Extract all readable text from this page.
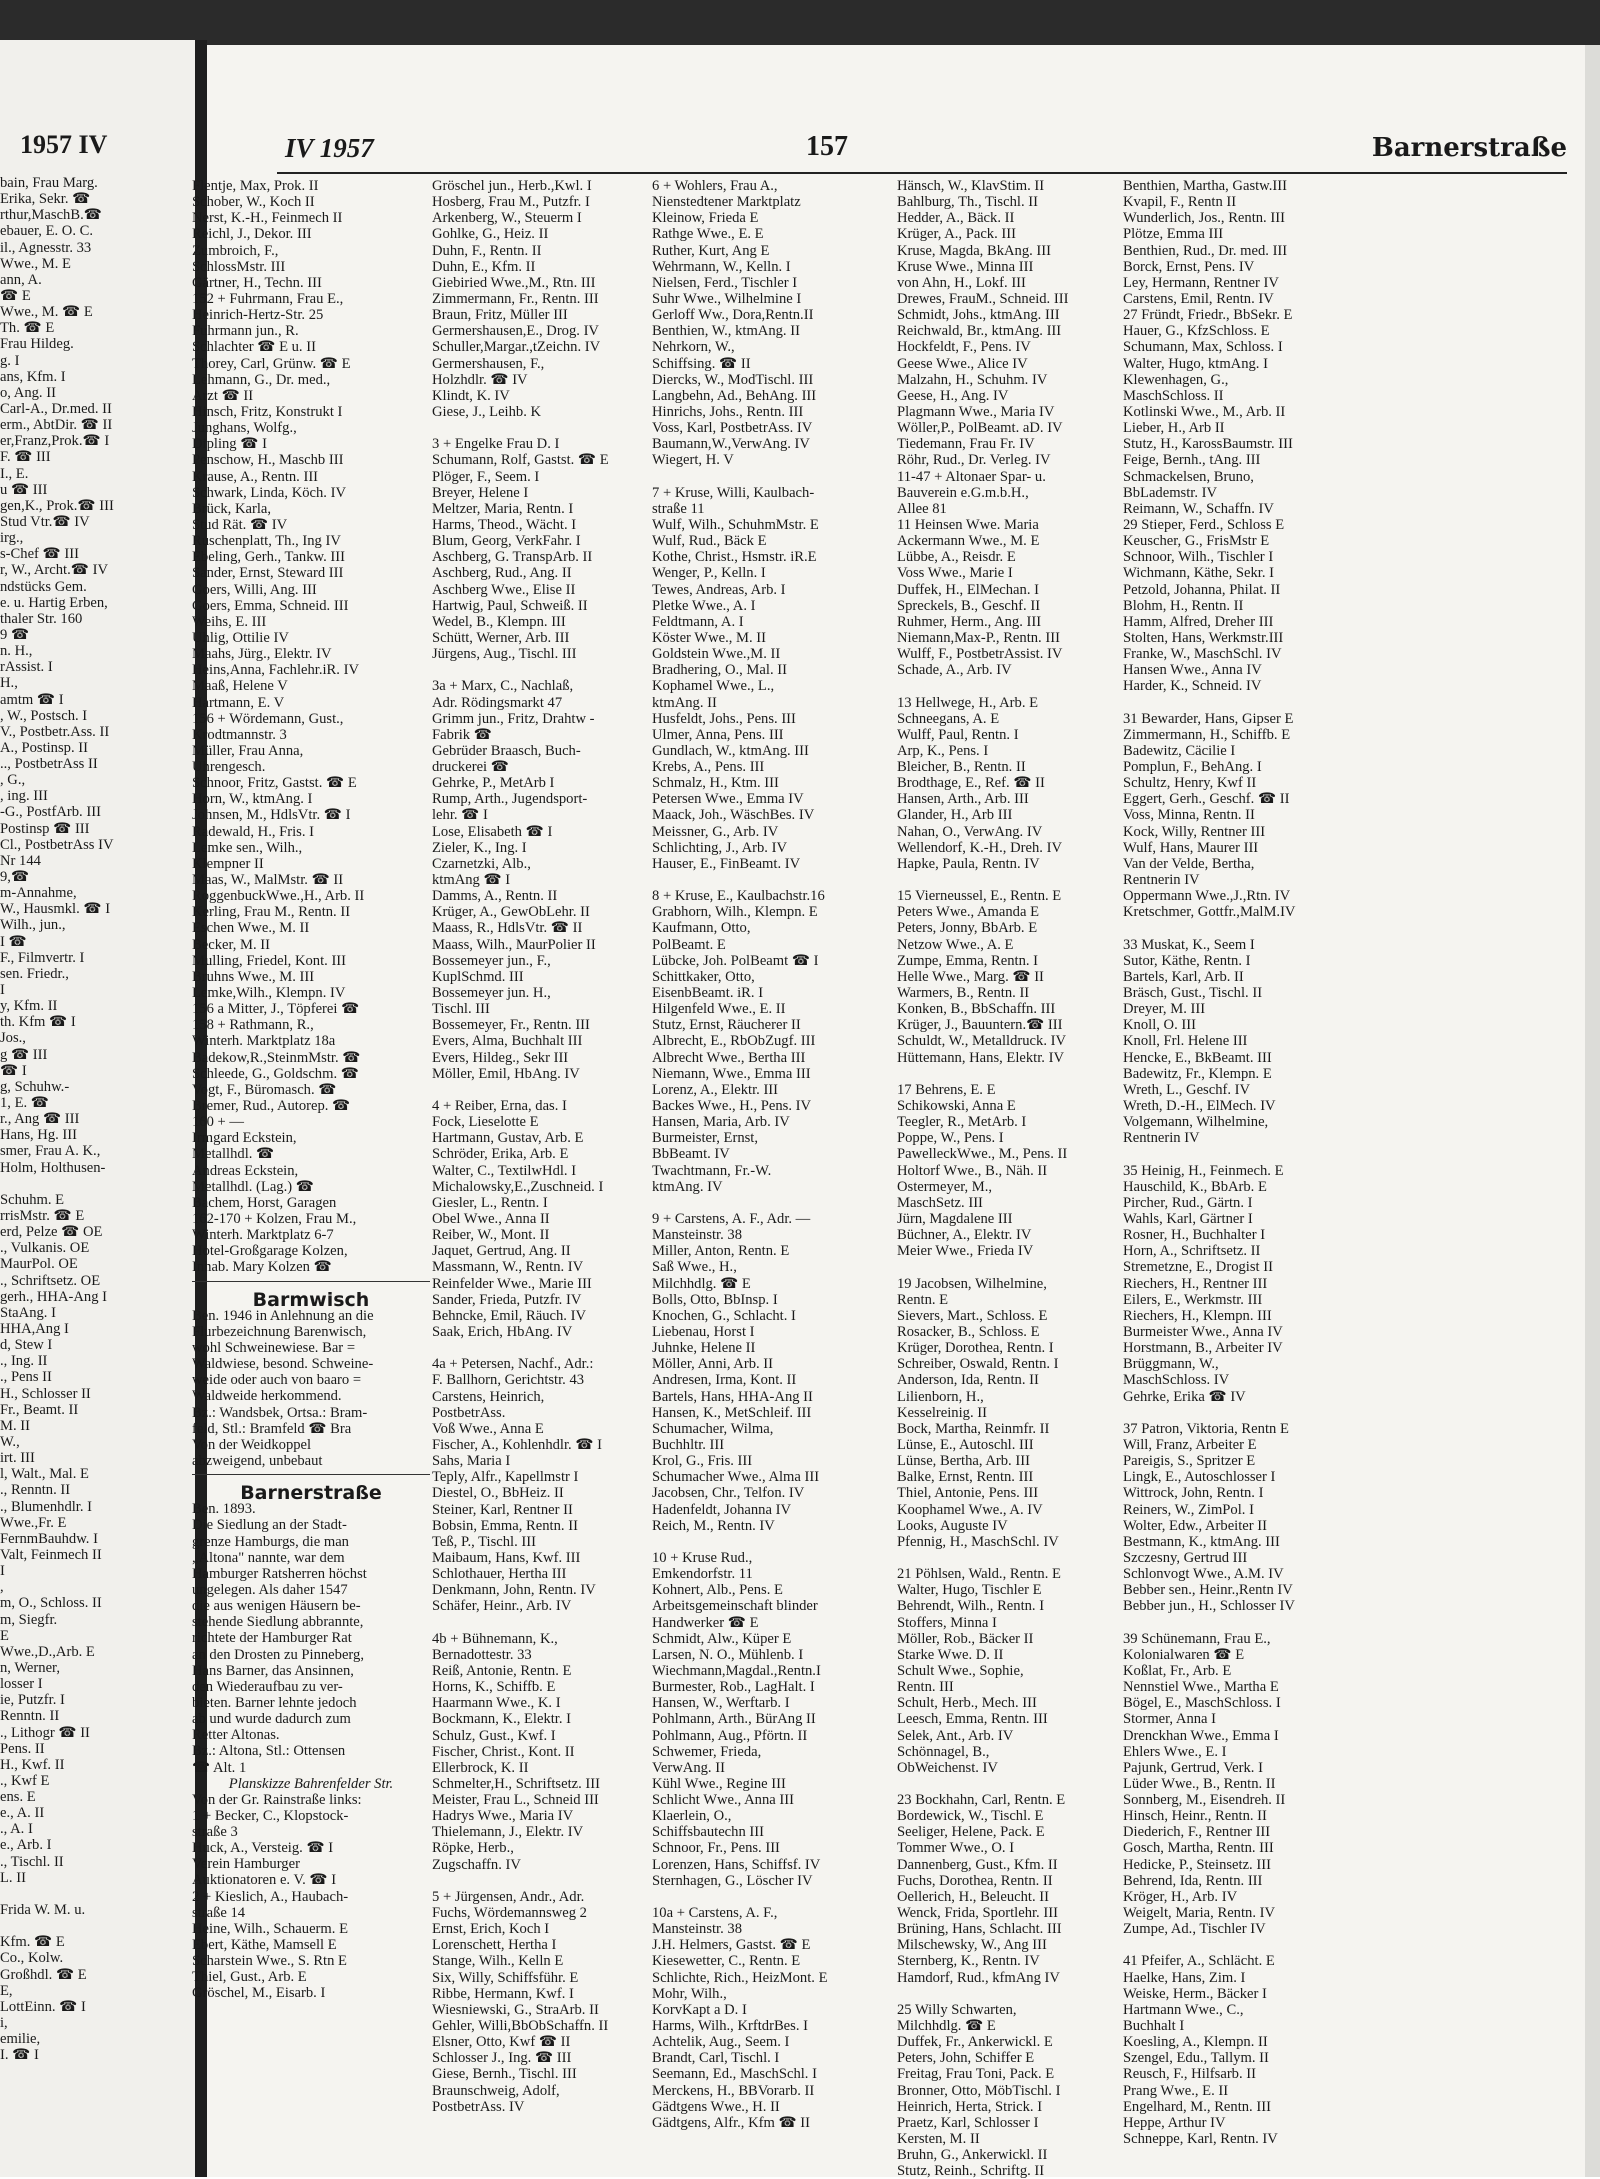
1957 IV
bain, Frau Marg.
Erika, Sekr. ☎
rthur,MaschB.☎
ebauer, E. O. C.
il., Agnesstr. 33
Wwe., M. E
ann, A.
☎ E
Wwe., M. ☎ E
Th. ☎ E
Frau Hildeg.
g. I
ans, Kfm. I
o, Ang. II
Carl-A., Dr.med. II
erm., AbtDir. ☎ II
er,Franz,Prok.☎ I
F. ☎ III
I., E.
u ☎ III
gen,K., Prok.☎ III
Stud Vtr.☎ IV
irg.,
s-Chef ☎ III
r, W., Archt.☎ IV
ndstücks Gem.
e. u. Hartig Erben,
thaler Str. 160
9 ☎
n. H.,
rAssist. I
H.,
amtm ☎ I
, W., Postsch. I
V., Postbetr.Ass. II
A., Postinsp. II
.., PostbetrAss II
, G.,
, ing. III
-G., PostfArb. III
Postinsp ☎ III
Cl., PostbetrAss IV
Nr 144
9,☎
m-Annahme,
W., Hausmkl. ☎ I
Wilh., jun.,
I ☎
F., Filmvertr. I
sen. Friedr.,
I
y, Kfm. II
th. Kfm ☎ I
Jos.,
g ☎ III
☎ I
g, Schuhw.-
1, E. ☎
r., Ang ☎ III
Hans, Hg. III
smer, Frau A. K.,
Holm, Holthusen-
Schuhm. E
rrisMstr. ☎ E
erd, Pelze ☎ OE
., Vulkanis. OE
MaurPol. OE
., Schriftsetz. OE
gerh., HHA-Ang I
StaAng. I
HHA,Ang I
d, Stew I
., Ing. II
., Pens II
H., Schlosser II
Fr., Beamt. II
M. II
W.,
irt. III
l, Walt., Mal. E
., Renntn. II
., Blumenhdlr. I
Wwe.,Fr. E
FernmBauhdw. I
Valt, Feinmech II
I
,
m, O., Schloss. II
m, Siegfr.
E
Wwe.,D.,Arb. E
n, Werner,
losser I
ie, Putzfr. I
Renntn. II
., Lithogr ☎ II
Pens. II
H., Kwf. II
., Kwf E
ens. E
e., A. II
., A. I
e., Arb. I
., Tischl. II
L. II
Frida W. M. u.
Kfm. ☎ E
Co., Kolw.
Großhdl. ☎ E
E,
LottEinn. ☎ I
i,
emilie,
I. ☎ I
IV 1957	157	Barnerstraße
Flentje, Max, Prok. II
Schober, W., Koch II
Nerst, K.-H., Feinmech II
Reichl, J., Dekor. III
Zumbroich, F.,
SchlossMstr. III
Gärtner, H., Techn. III
152 + Fuhrmann, Frau E.,
Heinrich-Hertz-Str. 25
Fuhrmann jun., R.
Schlachter ☎ E u. II
Thorey, Carl, Grünw. ☎ E
Lehmann, G., Dr. med.,
Arzt ☎ II
Hinsch, Fritz, Konstrukt I
Junghans, Wolfg.,
Dipling ☎ I
Penschow, H., Maschb III
Krause, A., Rentn. III
Schwark, Linda, Köch. IV
Brück, Karla,
Stud Rät. ☎ IV
Ruschenplatt, Th., Ing IV
Ebeling, Gerh., Tankw. III
Sander, Ernst, Steward III
Goers, Willi, Ang. III
Goers, Emma, Schneid. III
Weihs, E. III
Uhlig, Ottilie IV
Maahs, Jürg., Elektr. IV
Heins,Anna, Fachlehr.iR. IV
Maaß, Helene V
Hartmann, E. V
156 + Wördemann, Gust.,
Krodtmannstr. 3
Müller, Frau Anna,
Uhrengesch.
Schnoor, Fritz, Gastst. ☎ E
Horn, W., ktmAng. I
Johnsen, M., HdlsVtr. ☎ I
Radewald, H., Fris. I
Lemke sen., Wilh.,
Klempner II
Maas, W., MalMstr. ☎ II
RoggenbuckWwe.,H., Arb. II
Kerling, Frau M., Rentn. II
Eschen Wwe., M. II
Becker, M. II
Mulling, Friedel, Kont. III
Bruhns Wwe., M. III
Lemke,Wilh., Klempn. IV
156 a Mitter, J., Töpferei ☎
158 + Rathmann, R.,
Winterh. Marktplatz 18a
Badekow,R.,SteinmMstr. ☎
Schleede, G., Goldschm. ☎
Vogt, F., Büromasch. ☎
Bremer, Rud., Autorep. ☎
160 + —
Irmgard Eckstein,
Metallhdl. ☎
Andreas Eckstein,
Metallhdl. (Lag.) ☎
Bachem, Horst, Garagen
162-170 + Kolzen, Frau M.,
Winterh. Marktplatz 6-7
Hotel-Großgarage Kolzen,
Inhab. Mary Kolzen ☎
Barmwisch
Ben. 1946 in Anlehnung an die
Flurbezeichnung Barenwisch,
wohl Schweinewiese. Bar =
Waldwiese, besond. Schweine-
weide oder auch von baaro =
Waldweide herkommend.
Bz.: Wandsbek, Ortsa.: Bram-
feld, Stl.: Bramfeld ☎ Bra
Von der Weidkoppel
abzweigend, unbebaut
Barnerstraße
Ben. 1893.
Die Siedlung an der Stadt-
grenze Hamburgs, die man
„Altona" nannte, war dem
Hamburger Ratsherren höchst
ungelegen. Als daher 1547
die aus wenigen Häusern be-
stehende Siedlung abbrannte,
richtete der Hamburger Rat
an den Drosten zu Pinneberg,
Hans Barner, das Ansinnen,
den Wiederaufbau zu ver-
bieten. Barner lehnte jedoch
ab und wurde dadurch zum
Retter Altonas.
Bz.: Altona, Stl.: Ottensen
☎ Alt. 1
Planskizze Bahrenfelder Str.
Von der Gr. Rainstraße links:
1 + Becker, C., Klopstock-
straße 3
Huck, A., Versteig. ☎ I
Verein Hamburger
Auktionatoren e. V. ☎ I
2 + Kieslich, A., Haubach-
straße 14
Heine, Wilh., Schauerm. E
Ebert, Käthe, Mamsell E
Scharstein Wwe., S. Rtn E
Thiel, Gust., Arb. E
Gröschel, M., Eisarb. I
Gröschel jun., Herb.,Kwl. I
Hosberg, Frau M., Putzfr. I
Arkenberg, W., Steuerm I
Gohlke, G., Heiz. II
Duhn, F., Rentn. II
Duhn, E., Kfm. II
Giebiried Wwe.,M., Rtn. III
Zimmermann, Fr., Rentn. III
Braun, Fritz, Müller III
Germershausen,E., Drog. IV
Schuller,Margar.,tZeichn. IV
Germershausen, F.,
Holzhdlr. ☎ IV
Klindt, K. IV
Giese, J., Leihb. K
3 + Engelke Frau D. I
Schumann, Rolf, Gastst. ☎ E
Plöger, F., Seem. I
Breyer, Helene I
Meltzer, Maria, Rentn. I
Harms, Theod., Wächt. I
Blum, Georg, VerkFahr. I
Aschberg, G. TranspArb. II
Aschberg, Rud., Ang. II
Aschberg Wwe., Elise II
Hartwig, Paul, Schweiß. II
Wedel, B., Klempn. III
Schütt, Werner, Arb. III
Jürgens, Aug., Tischl. III
3a + Marx, C., Nachlaß,
Adr. Rödingsmarkt 47
Grimm jun., Fritz, Drahtw -
Fabrik ☎
Gebrüder Braasch, Buch-
druckerei ☎
Gehrke, P., MetArb I
Rump, Arth., Jugendsport-
lehr. ☎ I
Lose, Elisabeth ☎ I
Zieler, K., Ing. I
Czarnetzki, Alb.,
ktmAng ☎ I
Damms, A., Rentn. II
Krüger, A., GewObLehr. II
Maass, R., HdlsVtr. ☎ II
Maass, Wilh., MaurPolier II
Bossemeyer jun., F.,
KuplSchmd. III
Bossemeyer jun. H.,
Tischl. III
Bossemeyer, Fr., Rentn. III
Evers, Alma, Buchhalt III
Evers, Hildeg., Sekr III
Möller, Emil, HbAng. IV
4 + Reiber, Erna, das. I
Fock, Lieselotte E
Hartmann, Gustav, Arb. E
Schröder, Erika, Arb. E
Walter, C., TextilwHdl. I
Michalowsky,E.,Zuschneid. I
Giesler, L., Rentn. I
Obel Wwe., Anna II
Reiber, W., Mont. II
Jaquet, Gertrud, Ang. II
Massmann, W., Rentn. IV
Reinfelder Wwe., Marie III
Sander, Frieda, Putzfr. IV
Behncke, Emil, Räuch. IV
Saak, Erich, HbAng. IV
4a + Petersen, Nachf., Adr.:
F. Ballhorn, Gerichtstr. 43
Carstens, Heinrich,
PostbetrAss.
Voß Wwe., Anna E
Fischer, A., Kohlenhdlr. ☎ I
Sahs, Maria I
Teply, Alfr., Kapellmstr I
Diestel, O., BbHeiz. II
Steiner, Karl, Rentner II
Bobsin, Emma, Rentn. II
Teß, P., Tischl. III
Maibaum, Hans, Kwf. III
Schlothauer, Hertha III
Denkmann, John, Rentn. IV
Schäfer, Heinr., Arb. IV
4b + Bühnemann, K.,
Bernadottestr. 33
Reiß, Antonie, Rentn. E
Horns, K., Schiffb. E
Haarmann Wwe., K. I
Bockmann, K., Elektr. I
Schulz, Gust., Kwf. I
Fischer, Christ., Kont. II
Ellerbrock, K. II
Schmelter,H., Schriftsetz. III
Meister, Frau L., Schneid III
Hadrys Wwe., Maria IV
Thielemann, J., Elektr. IV
Röpke, Herb.,
Zugschaffn. IV
5 + Jürgensen, Andr., Adr.
Fuchs, Wördemannsweg 2
Ernst, Erich, Koch I
Lorenschett, Hertha I
Stange, Wilh., Kelln E
Six, Willy, Schiffsführ. E
Ribbe, Hermann, Kwf. I
Wiesniewski, G., StraArb. II
Gehler, Willi,BbObSchaffn. II
Elsner, Otto, Kwf ☎ II
Schlosser J., Ing. ☎ III
Giese, Bernh., Tischl. III
Braunschweig, Adolf,
PostbetrAss. IV
6 + Wohlers, Frau A.,
Nienstedtener Marktplatz
Kleinow, Frieda E
Rathge Wwe., E. E
Ruther, Kurt, Ang E
Wehrmann, W., Kelln. I
Nielsen, Ferd., Tischler I
Suhr Wwe., Wilhelmine I
Gerloff Ww., Dora,Rentn.II
Benthien, W., ktmAng. II
Nehrkorn, W.,
Schiffsing. ☎ II
Diercks, W., ModTischl. III
Langbehn, Ad., BehAng. III
Hinrichs, Johs., Rentn. III
Voss, Karl, PostbetrAss. IV
Baumann,W.,VerwAng. IV
Wiegert, H. V
7 + Kruse, Willi, Kaulbach-
straße 11
Wulf, Wilh., SchuhmMstr. E
Wulf, Rud., Bäck E
Kothe, Christ., Hsmstr. iR.E
Wenger, P., Kelln. I
Tewes, Andreas, Arb. I
Pletke Wwe., A. I
Feldtmann, A. I
Köster Wwe., M. II
Goldstein Wwe.,M. II
Bradhering, O., Mal. II
Kophamel Wwe., L.,
ktmAng. II
Husfeldt, Johs., Pens. III
Ulmer, Anna, Pens. III
Gundlach, W., ktmAng. III
Krebs, A., Pens. III
Schmalz, H., Ktm. III
Petersen Wwe., Emma IV
Maack, Joh., WäschBes. IV
Meissner, G., Arb. IV
Schlichting, J., Arb. IV
Hauser, E., FinBeamt. IV
8 + Kruse, E., Kaulbachstr.16
Grabhorn, Wilh., Klempn. E
Kaufmann, Otto,
PolBeamt. E
Lübcke, Joh. PolBeamt ☎ I
Schittkaker, Otto,
EisenbBeamt. iR. I
Hilgenfeld Wwe., E. II
Stutz, Ernst, Räucherer II
Albrecht, E., RbObZugf. III
Albrecht Wwe., Bertha III
Niemann, Wwe., Emma III
Lorenz, A., Elektr. III
Backes Wwe., H., Pens. IV
Hansen, Maria, Arb. IV
Burmeister, Ernst,
BbBeamt. IV
Twachtmann, Fr.-W.
ktmAng. IV
9 + Carstens, A. F., Adr. —
Mansteinstr. 38
Miller, Anton, Rentn. E
Saß Wwe., H.,
Milchhdlg. ☎ E
Bolls, Otto, BbInsp. I
Knochen, G., Schlacht. I
Liebenau, Horst I
Juhnke, Helene II
Möller, Anni, Arb. II
Andresen, Irma, Kont. II
Bartels, Hans, HHA-Ang II
Hansen, K., MetSchleif. III
Schumacher, Wilma,
Buchhltr. III
Krol, G., Fris. III
Schumacher Wwe., Alma III
Jacobsen, Chr., Telfon. IV
Hadenfeldt, Johanna IV
Reich, M., Rentn. IV
10 + Kruse Rud.,
Emkendorfstr. 11
Kohnert, Alb., Pens. E
Arbeitsgemeinschaft blinder
Handwerker ☎ E
Schmidt, Alw., Küper E
Larsen, N. O., Mühlenb. I
Wiechmann,Magdal.,Rentn.I
Burmester, Rob., LagHalt. I
Hansen, W., Werftarb. I
Pohlmann, Arth., BürAng II
Pohlmann, Aug., Pförtn. II
Schwemer, Frieda,
VerwAng. II
Kühl Wwe., Regine III
Schlicht Wwe., Anna III
Klaerlein, O.,
Schiffsbautechn III
Schnoor, Fr., Pens. III
Lorenzen, Hans, Schiffsf. IV
Sternhagen, G., Löscher IV
10a + Carstens, A. F.,
Mansteinstr. 38
J.H. Helmers, Gastst. ☎ E
Kiesewetter, C., Rentn. E
Schlichte, Rich., HeizMont. E
Mohr, Wilh.,
KorvKapt a D. I
Harms, Wilh., KrftdrBes. I
Achtelik, Aug., Seem. I
Brandt, Carl, Tischl. I
Seemann, Ed., MaschSchl. I
Merckens, H., BBVorarb. II
Gädtgens Wwe., H. II
Gädtgens, Alfr., Kfm ☎ II
Hänsch, W., KlavStim. II
Bahlburg, Th., Tischl. II
Hedder, A., Bäck. II
Krüger, A., Pack. III
Kruse, Magda, BkAng. III
Kruse Wwe., Minna III
von Ahn, H., Lokf. III
Drewes, FrauM., Schneid. III
Schmidt, Johs., ktmAng. III
Reichwald, Br., ktmAng. III
Hockfeldt, F., Pens. IV
Geese Wwe., Alice IV
Malzahn, H., Schuhm. IV
Geese, H., Ang. IV
Plagmann Wwe., Maria IV
Wöller,P., PolBeamt. aD. IV
Tiedemann, Frau Fr. IV
Röhr, Rud., Dr. Verleg. IV
11-47 + Altonaer Spar- u.
Bauverein e.G.m.b.H.,
Allee 81
11 Heinsen Wwe. Maria
Ackermann Wwe., M. E
Lübbe, A., Reisdr. E
Voss Wwe., Marie I
Duffek, H., ElMechan. I
Spreckels, B., Geschf. II
Ruhmer, Herm., Ang. III
Niemann,Max-P., Rentn. III
Wulff, F., PostbetrAssist. IV
Schade, A., Arb. IV
13 Hellwege, H., Arb. E
Schneegans, A. E
Wulff, Paul, Rentn. I
Arp, K., Pens. I
Bleicher, B., Rentn. II
Brodthage, E., Ref. ☎ II
Hansen, Arth., Arb. III
Glander, H., Arb III
Nahan, O., VerwAng. IV
Wellendorf, K.-H., Dreh. IV
Hapke, Paula, Rentn. IV
15 Vierneussel, E., Rentn. E
Peters Wwe., Amanda E
Peters, Jonny, BbArb. E
Netzow Wwe., A. E
Zumpe, Emma, Rentn. I
Helle Wwe., Marg. ☎ II
Warmers, B., Rentn. II
Konken, B., BbSchaffn. III
Krüger, J., Bauuntern.☎ III
Schuldt, W., Metalldruck. IV
Hüttemann, Hans, Elektr. IV
17 Behrens, E. E
Schikowski, Anna E
Teegler, R., MetArb. I
Poppe, W., Pens. I
PawelleckWwe., M., Pens. II
Holtorf Wwe., B., Näh. II
Ostermeyer, M.,
MaschSetz. III
Jürn, Magdalene III
Büchner, A., Elektr. IV
Meier Wwe., Frieda IV
19 Jacobsen, Wilhelmine,
Rentn. E
Sievers, Mart., Schloss. E
Rosacker, B., Schloss. E
Krüger, Dorothea, Rentn. I
Schreiber, Oswald, Rentn. I
Anderson, Ida, Rentn. II
Lilienborn, H.,
Kesselreinig. II
Bock, Martha, Reinmfr. II
Lünse, E., Autoschl. III
Lünse, Bertha, Arb. III
Balke, Ernst, Rentn. III
Thiel, Antonie, Pens. III
Koophamel Wwe., A. IV
Looks, Auguste IV
Pfennig, H., MaschSchl. IV
21 Pöhlsen, Wald., Rentn. E
Walter, Hugo, Tischler E
Behrendt, Wilh., Rentn. I
Stoffers, Minna I
Möller, Rob., Bäcker II
Starke Wwe. D. II
Schult Wwe., Sophie,
Rentn. III
Schult, Herb., Mech. III
Leesch, Emma, Rentn. III
Selek, Ant., Arb. IV
Schönnagel, B.,
ObWeichenst. IV
23 Bockhahn, Carl, Rentn. E
Bordewick, W., Tischl. E
Seeliger, Helene, Pack. E
Tommer Wwe., O. I
Dannenberg, Gust., Kfm. II
Fuchs, Dorothea, Rentn. II
Oellerich, H., Beleucht. II
Wenck, Frida, Sportlehr. III
Brüning, Hans, Schlacht. III
Milschewsky, W., Ang III
Sternberg, K., Rentn. IV
Hamdorf, Rud., kfmAng IV
25 Willy Schwarten,
Milchhdlg. ☎ E
Duffek, Fr., Ankerwickl. E
Peters, John, Schiffer E
Freitag, Frau Toni, Pack. E
Bronner, Otto, MöbTischl. I
Heinrich, Herta, Strick. I
Praetz, Karl, Schlosser I
Kersten, M. II
Bruhn, G., Ankerwickl. II
Stutz, Reinh., Schriftg. II
Benthien, Martha, Gastw.III
Kvapil, F., Rentn II
Wunderlich, Jos., Rentn. III
Plötze, Emma III
Benthien, Rud., Dr. med. III
Borck, Ernst, Pens. IV
Ley, Hermann, Rentner IV
Carstens, Emil, Rentn. IV
27 Fründt, Friedr., BbSekr. E
Hauer, G., KfzSchloss. E
Schumann, Max, Schloss. I
Walter, Hugo, ktmAng. I
Klewenhagen, G.,
MaschSchloss. II
Kotlinski Wwe., M., Arb. II
Lieber, H., Arb II
Stutz, H., KarossBaumstr. III
Feige, Bernh., tAng. III
Schmackelsen, Bruno,
BbLademstr. IV
Reimann, W., Schaffn. IV
29 Stieper, Ferd., Schloss E
Keuscher, G., FrisMstr E
Schnoor, Wilh., Tischler I
Wichmann, Käthe, Sekr. I
Petzold, Johanna, Philat. II
Blohm, H., Rentn. II
Hamm, Alfred, Dreher III
Stolten, Hans, Werkmstr.III
Franke, W., MaschSchl. IV
Hansen Wwe., Anna IV
Harder, K., Schneid. IV
31 Bewarder, Hans, Gipser E
Zimmermann, H., Schiffb. E
Badewitz, Cäcilie I
Pomplun, F., BehAng. I
Schultz, Henry, Kwf II
Eggert, Gerh., Geschf. ☎ II
Voss, Minna, Rentn. II
Kock, Willy, Rentner III
Wulf, Hans, Maurer III
Van der Velde, Bertha,
Rentnerin IV
Oppermann Wwe.,J.,Rtn. IV
Kretschmer, Gottfr.,MalM.IV
33 Muskat, K., Seem I
Sutor, Käthe, Rentn. I
Bartels, Karl, Arb. II
Bräsch, Gust., Tischl. II
Dreyer, M. III
Knoll, O. III
Knoll, Frl. Helene III
Hencke, E., BkBeamt. III
Badewitz, Fr., Klempn. E
Wreth, L., Geschf. IV
Wreth, D.-H., ElMech. IV
Volgemann, Wilhelmine,
Rentnerin IV
35 Heinig, H., Feinmech. E
Hauschild, K., BbArb. E
Pircher, Rud., Gärtn. I
Wahls, Karl, Gärtner I
Rosner, H., Buchhalter I
Horn, A., Schriftsetz. II
Stremetzne, E., Drogist II
Riechers, H., Rentner III
Eilers, E., Werkmstr. III
Riechers, H., Klempn. III
Burmeister Wwe., Anna IV
Horstmann, B., Arbeiter IV
Brüggmann, W.,
MaschSchloss. IV
Gehrke, Erika ☎ IV
37 Patron, Viktoria, Rentn E
Will, Franz, Arbeiter E
Pareigis, S., Spritzer E
Lingk, E., Autoschlosser I
Wittrock, John, Rentn. I
Reiners, W., ZimPol. I
Wolter, Edw., Arbeiter II
Bestmann, K., ktmAng. III
Szczesny, Gertrud III
Schlonvogt Wwe., A.M. IV
Bebber sen., Heinr.,Rentn IV
Bebber jun., H., Schlosser IV
39 Schünemann, Frau E.,
Kolonialwaren ☎ E
Koßlat, Fr., Arb. E
Nennstiel Wwe., Martha E
Bögel, E., MaschSchloss. I
Stormer, Anna I
Drenckhan Wwe., Emma I
Ehlers Wwe., E. I
Pajunk, Gertrud, Verk. I
Lüder Wwe., B., Rentn. II
Sonnberg, M., Eisendreh. II
Hinsch, Heinr., Rentn. II
Diederich, F., Rentner III
Gosch, Martha, Rentn. III
Hedicke, P., Steinsetz. III
Behrend, Ida, Rentn. III
Kröger, H., Arb. IV
Weigelt, Maria, Rentn. IV
Zumpe, Ad., Tischler IV
41 Pfeifer, A., Schlächt. E
Haelke, Hans, Zim. I
Weiske, Herm., Bäcker I
Hartmann Wwe., C.,
Buchhalt I
Koesling, A., Klempn. II
Szengel, Edu., Tallym. II
Reusch, F., Hilfsarb. II
Prang Wwe., E. II
Engelhard, M., Rentn. III
Heppe, Arthur IV
Schneppe, Karl, Rentn. IV
